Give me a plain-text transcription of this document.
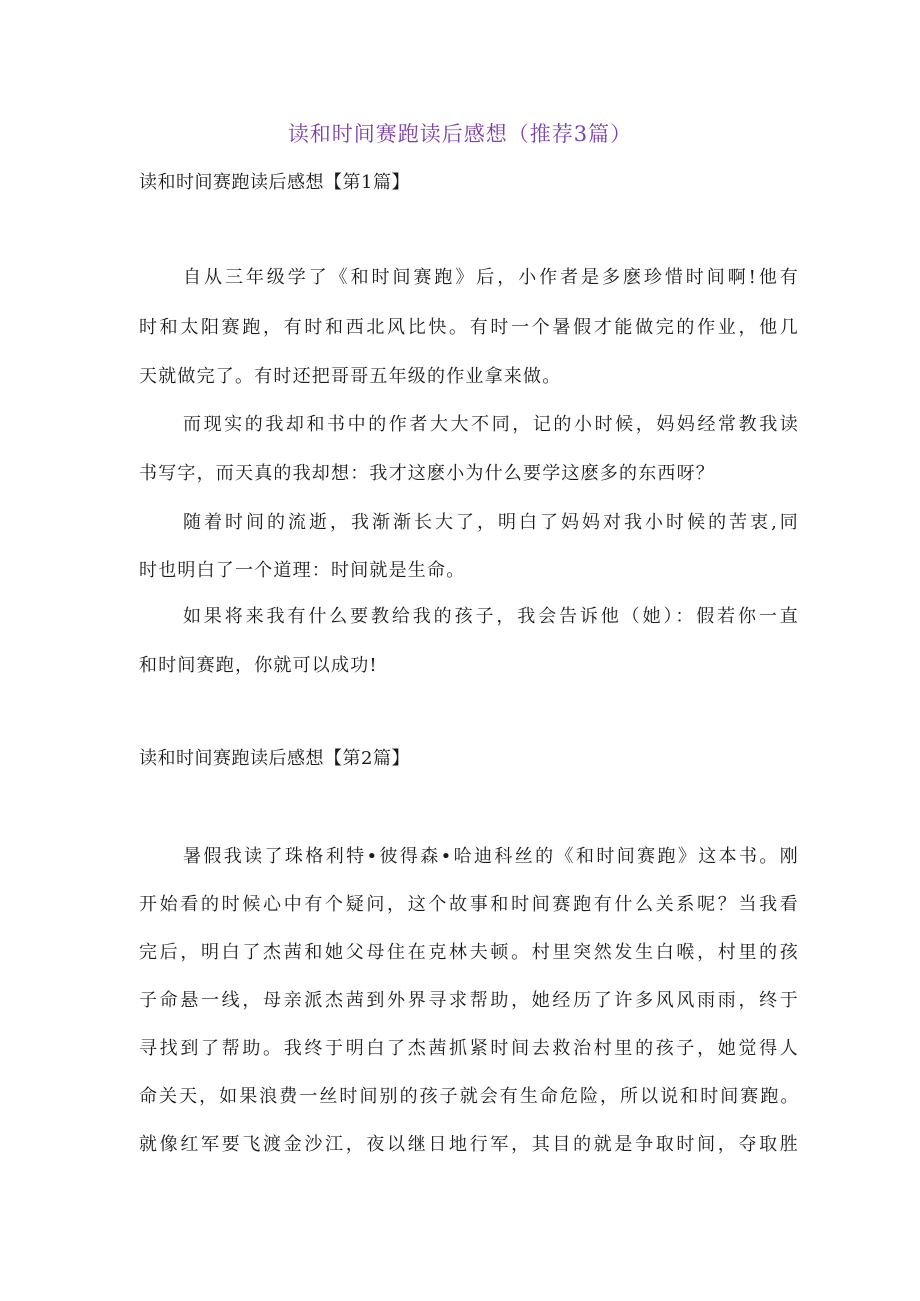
读和时间赛跑读后感想（推荐3篇）
读和时间赛跑读后感想【第1篇】

自从三年级学了《和时间赛跑》后，小作者是多麽珍惜时间啊!他有

时和太阳赛跑，有时和西北风比快。有时一个暑假才能做完的作业，他几

天就做完了。有时还把哥哥五年级的作业拿来做。

而现实的我却和书中的作者大大不同，记的小时候，妈妈经常教我读

书写字，而天真的我却想：我才这麽小为什么要学这麽多的东西呀？

随着时间的流逝，我渐渐长大了，明白了妈妈对我小时候的苦衷,同

时也明白了一个道理：时间就是生命。

如果将来我有什么要教给我的孩子，我会告诉他（她）：假若你一直

和时间赛跑，你就可以成功!

读和时间赛跑读后感想【第2篇】

暑假我读了珠格利特•彼得森•哈迪科丝的《和时间赛跑》这本书。刚

开始看的时候心中有个疑问，这个故事和时间赛跑有什么关系呢？当我看

完后，明白了杰茜和她父母住在克林夫顿。村里突然发生白喉，村里的孩

子命悬一线，母亲派杰茜到外界寻求帮助，她经历了许多风风雨雨，终于

寻找到了帮助。我终于明白了杰茜抓紧时间去救治村里的孩子，她觉得人

命关天，如果浪费一丝时间别的孩子就会有生命危险，所以说和时间赛跑。

就像红军要飞渡金沙江，夜以继日地行军，其目的就是争取时间，夺取胜
